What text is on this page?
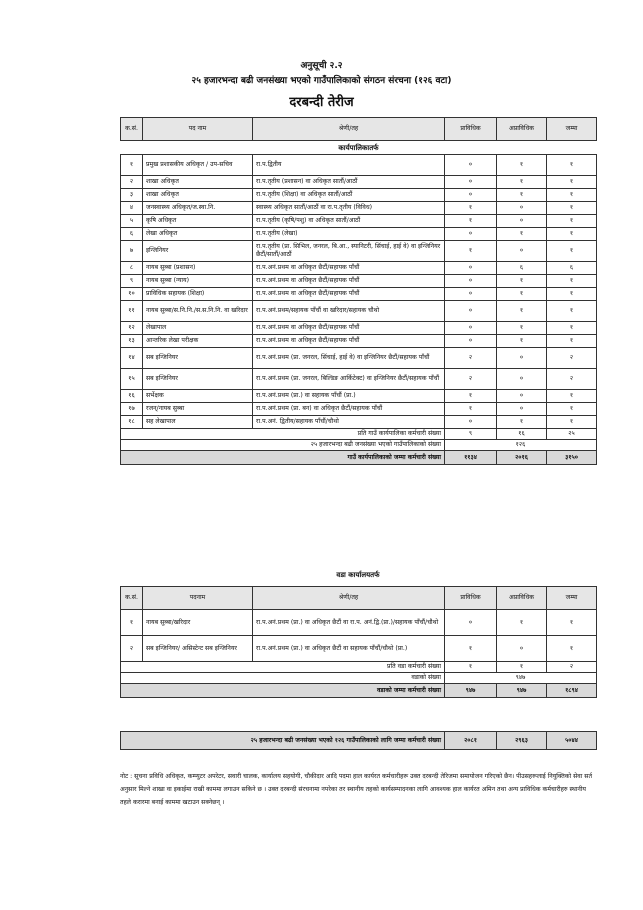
अनुसूची २.२
२५ हजारभन्दा बढी जनसंख्या भएको गाउँपालिकाको संगठन संरचना (१२६ वटा)
दरबन्दी तेरीज
क.सं.	पद नाम	श्रेणी/तह	प्राविधिक	अप्राविधिक	जम्मा
कार्यपालिकातर्फ					
१	प्रमुख प्रशासकीय अधिकृत / उप-सचिव	रा.प.द्वितीय	०	१	१
२	शाखा अधिकृत	रा.प.तृतीय (प्रशासन) वा अधिकृत सातौं/आठौं	०	१	१
३	शाखा अधिकृत	रा.प.तृतीय (शिक्षा) वा अधिकृत सातौं/आठौं	०	१	१
४	जनस्वास्थ्य अधिकृत/ज.स्वा.नि.	स्वास्थ्य अधिकृत सातौं/आठौं वा रा.प.तृतीय (विविध)	१	०	१
५	कृषि अधिकृत	रा.प.तृतीय (कृषि/पशु) वा अधिकृत सातौं/आठौं	१	०	१
६	लेखा अधिकृत	रा.प.तृतीय (लेखा)	०	१	१
७	इन्जिनियर	रा.प.तृतीय (प्रा. सिभिल, जनरल, बि.आ., स्यानिटरी, सिंचाई, हाई वे) वा इन्जिनियर छैटौं/सातौं/आठौं	१	०	१
८	नायब सुब्बा (प्रशासन)	रा.प.अनं.प्रथम वा अधिकृत छैटौं/सहायक पाँचौं	०	६	६
९	नायब सुब्बा (न्याय)	रा.प.अनं.प्रथम वा अधिकृत छैटौं/सहायक पाँचौं	०	१	१
१०	प्राविधिक सहायक (शिक्षा)	रा.प.अनं.प्रथम वा अधिकृत छैटौं/सहायक पाँचौं	०	१	१
११	नायब सुब्बा/स.नि.नि./स.स.नि.नि. वा खरिदार	रा.प.अनं.प्रथम/सहायक पाँचौं वा खरिदार/सहायक चौथो	०	१	१
१२	लेखापाल	रा.प.अनं.प्रथम वा अधिकृत छैटौं/सहायक पाँचौं	०	१	१
१३	आन्तरिक लेखा परीक्षक	रा.प.अनं.प्रथम वा अधिकृत छैटौं/सहायक पाँचौं	०	१	१
१४	सब इन्जिनियर	रा.प.अनं.प्रथम (प्रा. जनरल, सिंचाई, हाई वे) वा इन्जिनियर छैटौं/सहायक पाँचौं	२	०	२
१५	सब इन्जिनियर	रा.प.अनं.प्रथम (प्रा. जनरल, बिल्डिङ आर्किटेक्ट) वा इन्जिनियर छैटौं/सहायक पाँचौं	२	०	२
१६	सर्भेक्षक	रा.प.अनं.प्रथम (प्रा.) वा सहायक पाँचौं (प्रा.)	१	०	१
१७	रजन्/नायब सुब्बा	रा.प.अनं.प्रथम (प्रा. बन) वा अधिकृत छैटौं/सहायक पाँचौं	१	०	१
१८	सह लेखापाल	रा.प.अनं. द्वितीय/सहायक पाँचौं/चौथो	०	१	१
प्रति गाउँ कार्यपालिका कर्मचारी संख्या			९	१६	२५
२५ हजारभन्दा बढी जनसंख्या भएको गाउँपालिकाको संख्या			१२६		
गाउँ कार्यपालिकाको जम्मा कर्मचारी संख्या			११३४	२०१६	३१५०
वडा कार्यालयतर्फ
क.सं.	पदनाम	श्रेणी/तह	प्राविधिक	अप्राविधिक	जम्मा
१	नायब सुब्बा/खरिदार	रा.प.अनं.प्रथम (प्रा.) वा अधिकृत छैटौं वा रा.प. अनं.द्वि.(प्रा.)/सहायक पाँचौं/चौथो	०	१	१
२	सब इन्जिनियर/ असिस्टेन्ट सब इन्जिनियर	रा.प.अनं.प्रथम (प्रा.) वा अधिकृत छैटौं वा सहायक पाँचौं/चौथो (प्रा.)	१	०	१
प्रति वडा कर्मचारी संख्या			१	१	२
वडाको संख्या			९४७		
वडाको जम्मा कर्मचारी संख्या			९४७	९४७	१८९४
२५ हजारभन्दा बढी जनसंख्या भएको १२६ गाउँपालिकाको लागि जम्मा कर्मचारी संख्या	२०८१	२९६३	५०४४
नोट : सूचना प्रविधि अधिकृत, कम्प्युटर अपरेटर, सवारी चालक, कार्यालय सहयोगी, चौकीदार आदि पदमा हाल कार्यरत कर्मचारीहरू उक्त दरबन्दी तेरिजमा समायोजन गरिएको छैन। पीउसहरूलाई नियुक्तिको सेवा सर्त अनुसार मिल्ने शाखा वा इकाईमा राखी काममा लगाउन सकिने छ । उक्त दरबन्दी संरचनामा नपरेका तर स्थानीय तहको कार्यसम्पादनका लागि आवश्यक हाल कार्यरत अमिन तथा अन्य प्राविधिक कर्मचारीहरु स्थानीय तहले करारमा बनाई काममा खटाउन सक्नेछन् ।
